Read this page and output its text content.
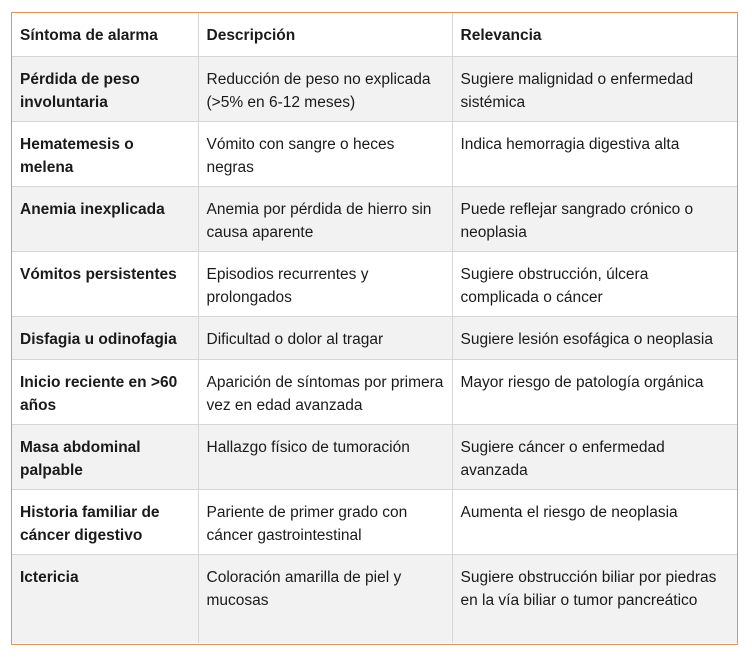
Síntoma de alarma	Descripción	Relevancia
Pérdida de peso involuntaria	Reducción de peso no explicada (>5% en 6-12 meses)	Sugiere malignidad o enfermedad sistémica
Hematemesis o melena	Vómito con sangre o heces negras	Indica hemorragia digestiva alta
Anemia inexplicada	Anemia por pérdida de hierro sin causa aparente	Puede reflejar sangrado crónico o neoplasia
Vómitos persistentes	Episodios recurrentes y prolongados	Sugiere obstrucción, úlcera complicada o cáncer
Disfagia u odinofagia	Dificultad o dolor al tragar	Sugiere lesión esofágica o neoplasia
Inicio reciente en >60 años	Aparición de síntomas por primera vez en edad avanzada	Mayor riesgo de patología orgánica
Masa abdominal palpable	Hallazgo físico de tumoración	Sugiere cáncer o enfermedad avanzada
Historia familiar de cáncer digestivo	Pariente de primer grado con cáncer gastrointestinal	Aumenta el riesgo de neoplasia
Ictericia	Coloración amarilla de piel y mucosas	Sugiere obstrucción biliar por piedras en la vía biliar o tumor pancreático
